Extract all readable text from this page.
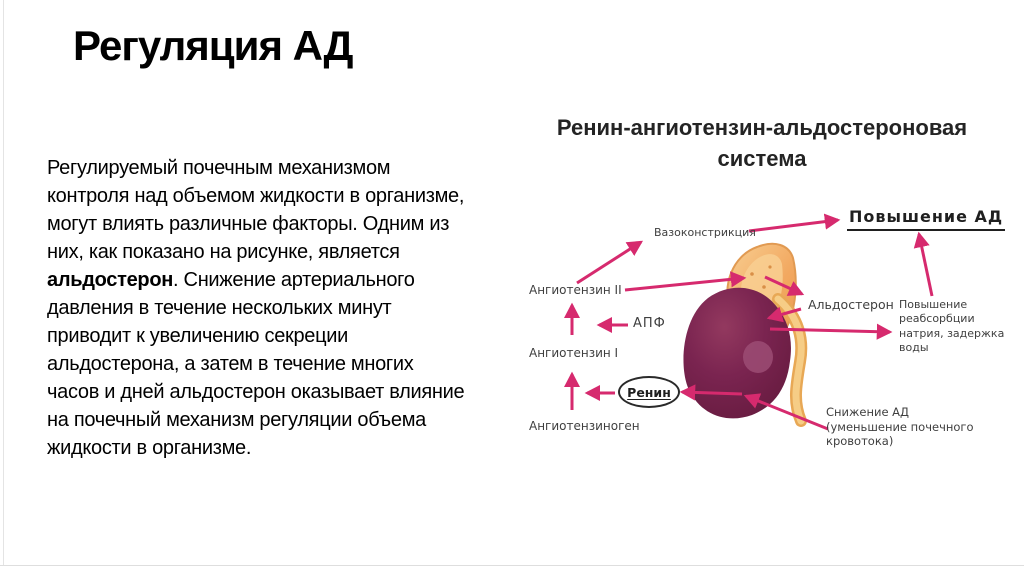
Регуляция АД
Регулируемый почечным механизмом
контроля над объемом жидкости в организме,
могут влиять различные факторы. Одним из
них, как показано на рисунке, является
альдостерон. Снижение артериального
давления в течение нескольких минут
приводит к увеличению секреции
альдостерона, а затем в течение многих
часов и дней альдостерон оказывает влияние
на почечный механизм регуляции объема
жидкости в организме.
Ренин-ангиотензин-альдостероновая
система
Вазоконстрикция
Повышение АД
Ангиотензин II
АПФ
Ангиотензин I
Ангиотензиноген
Альдостерон Повышение реабсорбции натрия, задержка воды
Снижение АД (уменьшение почечного кровотока)
Ренин
